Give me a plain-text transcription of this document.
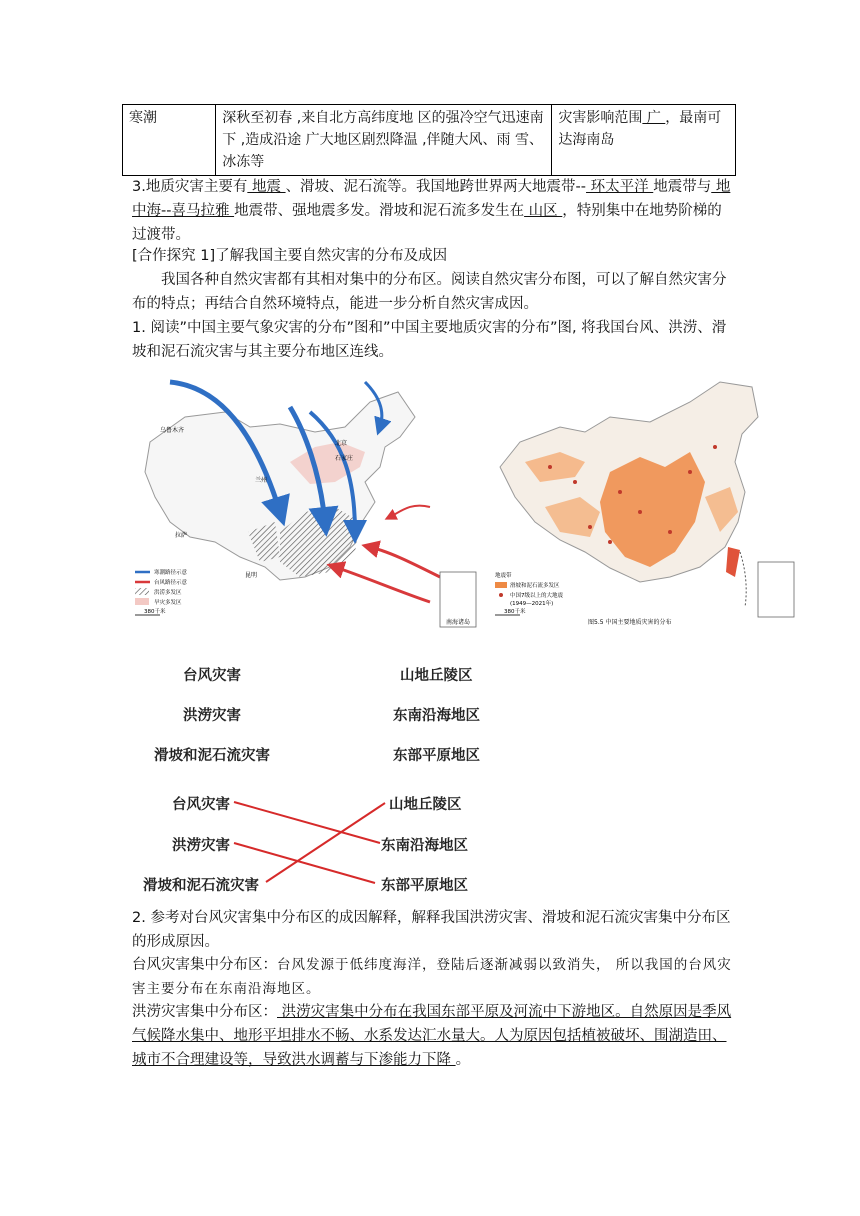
寒潮	深秋至初春 ,来自北方高纬度地 区的强冷空气迅速南下 ,造成沿途 广大地区剧烈降温 ,伴随大风、雨 雪、冰冻等	灾害影响范围 广 ，最南可达海南岛
3.地质灾害主要有 地震 、滑坡、泥石流等。我国地跨世界两大地震带-- 环太平洋 地震带与 地中海--喜马拉雅 地震带、强地震多发。滑坡和泥石流多发生在 山区 ，特别集中在地势阶梯的过渡带。
[合作探究 1]了解我国主要自然灾害的分布及成因
我国各种自然灾害都有其相对集中的分布区。阅读自然灾害分布图，可以了解自然灾害分布的特点；再结合自然环境特点，能进一步分析自然灾害成因。
1. 阅读”中国主要气象灾害的分布”图和”中国主要地质灾害的分布”图, 将我国台风、洪涝、滑坡和泥石流灾害与其主要分布地区连线。
南海诸岛
乌鲁木齐
北京
石家庄
兰州
拉萨
昆明
寒潮路径示意
台风路径示意
洪涝多发区
旱灾多发区
380千米
地震带
滑坡和泥石流多发区
中国7级以上的大地震
(1949—2021年)
380千米
图5.5 中国主要地质灾害的分布
台风灾害
洪涝灾害
滑坡和泥石流灾害
山地丘陵区
东南沿海地区
东部平原地区
台风灾害
洪涝灾害
滑坡和泥石流灾害
山地丘陵区
东南沿海地区
东部平原地区
2. 参考对台风灾害集中分布区的成因解释，解释我国洪涝灾害、滑坡和泥石流灾害集中分布区的形成原因。
台风灾害集中分布区：台风发源于低纬度海洋，登陆后逐渐减弱以致消失， 所以我国的台风灾害主要分布在东南沿海地区。
洪涝灾害集中分布区： 洪涝灾害集中分布在我国东部平原及河流中下游地区。自然原因是季风气候降水集中、地形平坦排水不畅、水系发达汇水量大。人为原因包括植被破坏、围湖造田、城市不合理建设等，导致洪水调蓄与下渗能力下降 。
